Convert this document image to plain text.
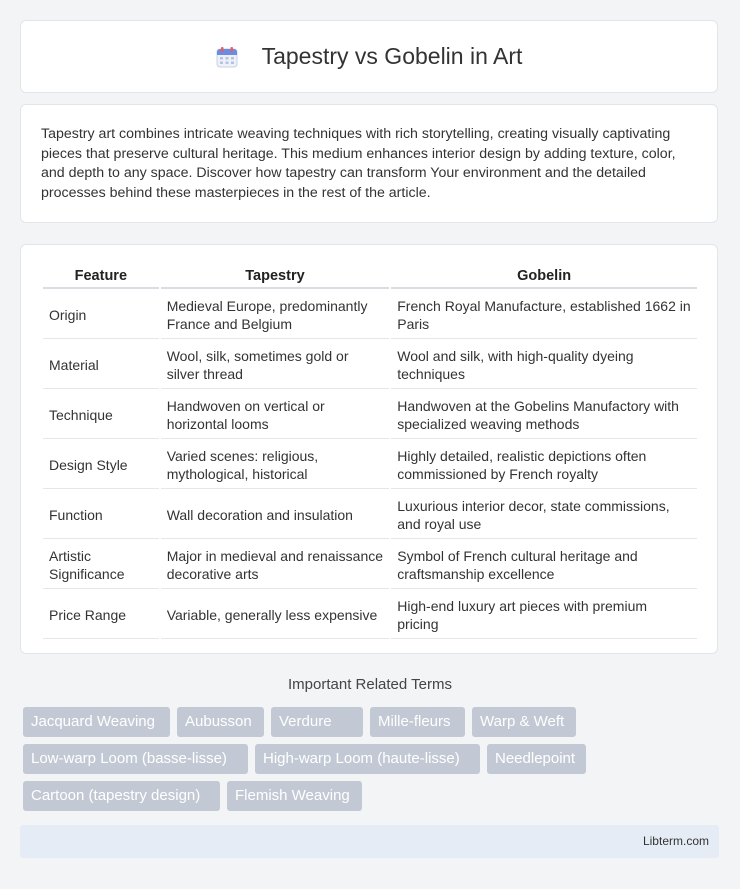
Tapestry vs Gobelin in Art

Tapestry art combines intricate weaving techniques with rich storytelling, creating visually captivating pieces that preserve cultural heritage. This medium enhances interior design by adding texture, color, and depth to any space. Discover how tapestry can transform Your environment and the detailed processes behind these masterpieces in the rest of the article.

Feature	Tapestry	Gobelin
Origin	Medieval Europe, predominantly France and Belgium	French Royal Manufacture, established 1662 in Paris
Material	Wool, silk, sometimes gold or silver thread	Wool and silk, with high-quality dyeing techniques
Technique	Handwoven on vertical or horizontal looms	Handwoven at the Gobelins Manufactory with specialized weaving methods
Design Style	Varied scenes: religious, mythological, historical	Highly detailed, realistic depictions often commissioned by French royalty
Function	Wall decoration and insulation	Luxurious interior decor, state commissions, and royal use
Artistic Significance	Major in medieval and renaissance decorative arts	Symbol of French cultural heritage and craftsmanship excellence
Price Range	Variable, generally less expensive	High-end luxury art pieces with premium pricing
Important Related Terms
Jacquard Weaving	Aubusson	Verdure	Mille-fleurs	Warp & Weft
Low-warp Loom (basse-lisse)	High-warp Loom (haute-lisse)	Needlepoint
Cartoon (tapestry design)	Flemish Weaving
Libterm.com
